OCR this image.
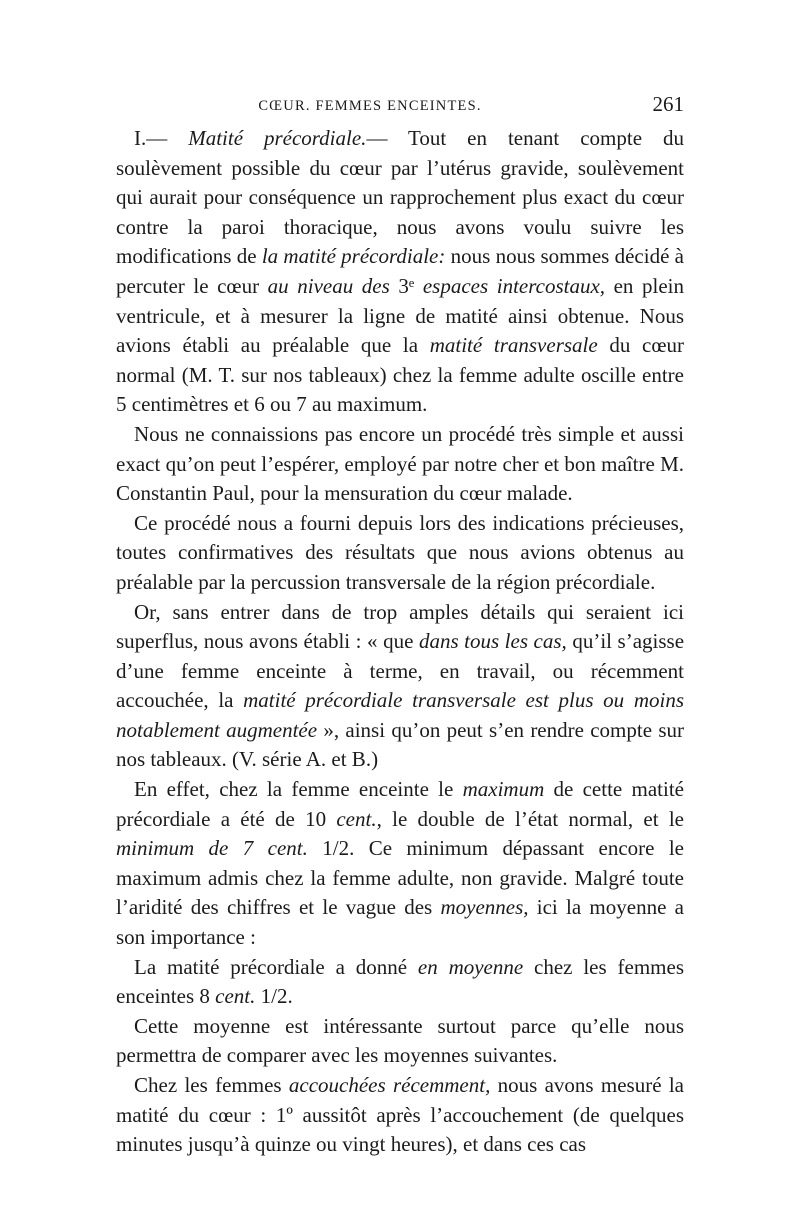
CŒUR. FEMMES ENCEINTES.	261

I.— Matité précordiale.— Tout en tenant compte du soulèvement possible du cœur par l’utérus gravide, soulèvement qui aurait pour conséquence un rapprochement plus exact du cœur contre la paroi thoracique, nous avons voulu suivre les modifications de la matité précordiale: nous nous sommes décidé à percuter le cœur au niveau des 3ᵉ espaces intercostaux, en plein ventricule, et à mesurer la ligne de matité ainsi obtenue. Nous avions établi au préalable que la matité transversale du cœur normal (M. T. sur nos tableaux) chez la femme adulte oscille entre 5 centimètres et 6 ou 7 au maximum.

Nous ne connaissions pas encore un procédé très simple et aussi exact qu’on peut l’espérer, employé par notre cher et bon maître M. Constantin Paul, pour la mensuration du cœur malade.

Ce procédé nous a fourni depuis lors des indications précieuses, toutes confirmatives des résultats que nous avions obtenus au préalable par la percussion transversale de la région précordiale.

Or, sans entrer dans de trop amples détails qui seraient ici superflus, nous avons établi : « que dans tous les cas, qu’il s’agisse d’une femme enceinte à terme, en travail, ou récemment accouchée, la matité précordiale transversale est plus ou moins notablement augmentée », ainsi qu’on peut s’en rendre compte sur nos tableaux. (V. série A. et B.)

En effet, chez la femme enceinte le maximum de cette matité précordiale a été de 10 cent., le double de l’état normal, et le minimum de 7 cent. 1/2. Ce minimum dépassant encore le maximum admis chez la femme adulte, non gravide. Malgré toute l’aridité des chiffres et le vague des moyennes, ici la moyenne a son importance :

La matité précordiale a donné en moyenne chez les femmes enceintes 8 cent. 1/2.

Cette moyenne est intéressante surtout parce qu’elle nous permettra de comparer avec les moyennes suivantes.

Chez les femmes accouchées récemment, nous avons mesuré la matité du cœur : 1º aussitôt après l’accouchement (de quelques minutes jusqu’à quinze ou vingt heures), et dans ces cas
